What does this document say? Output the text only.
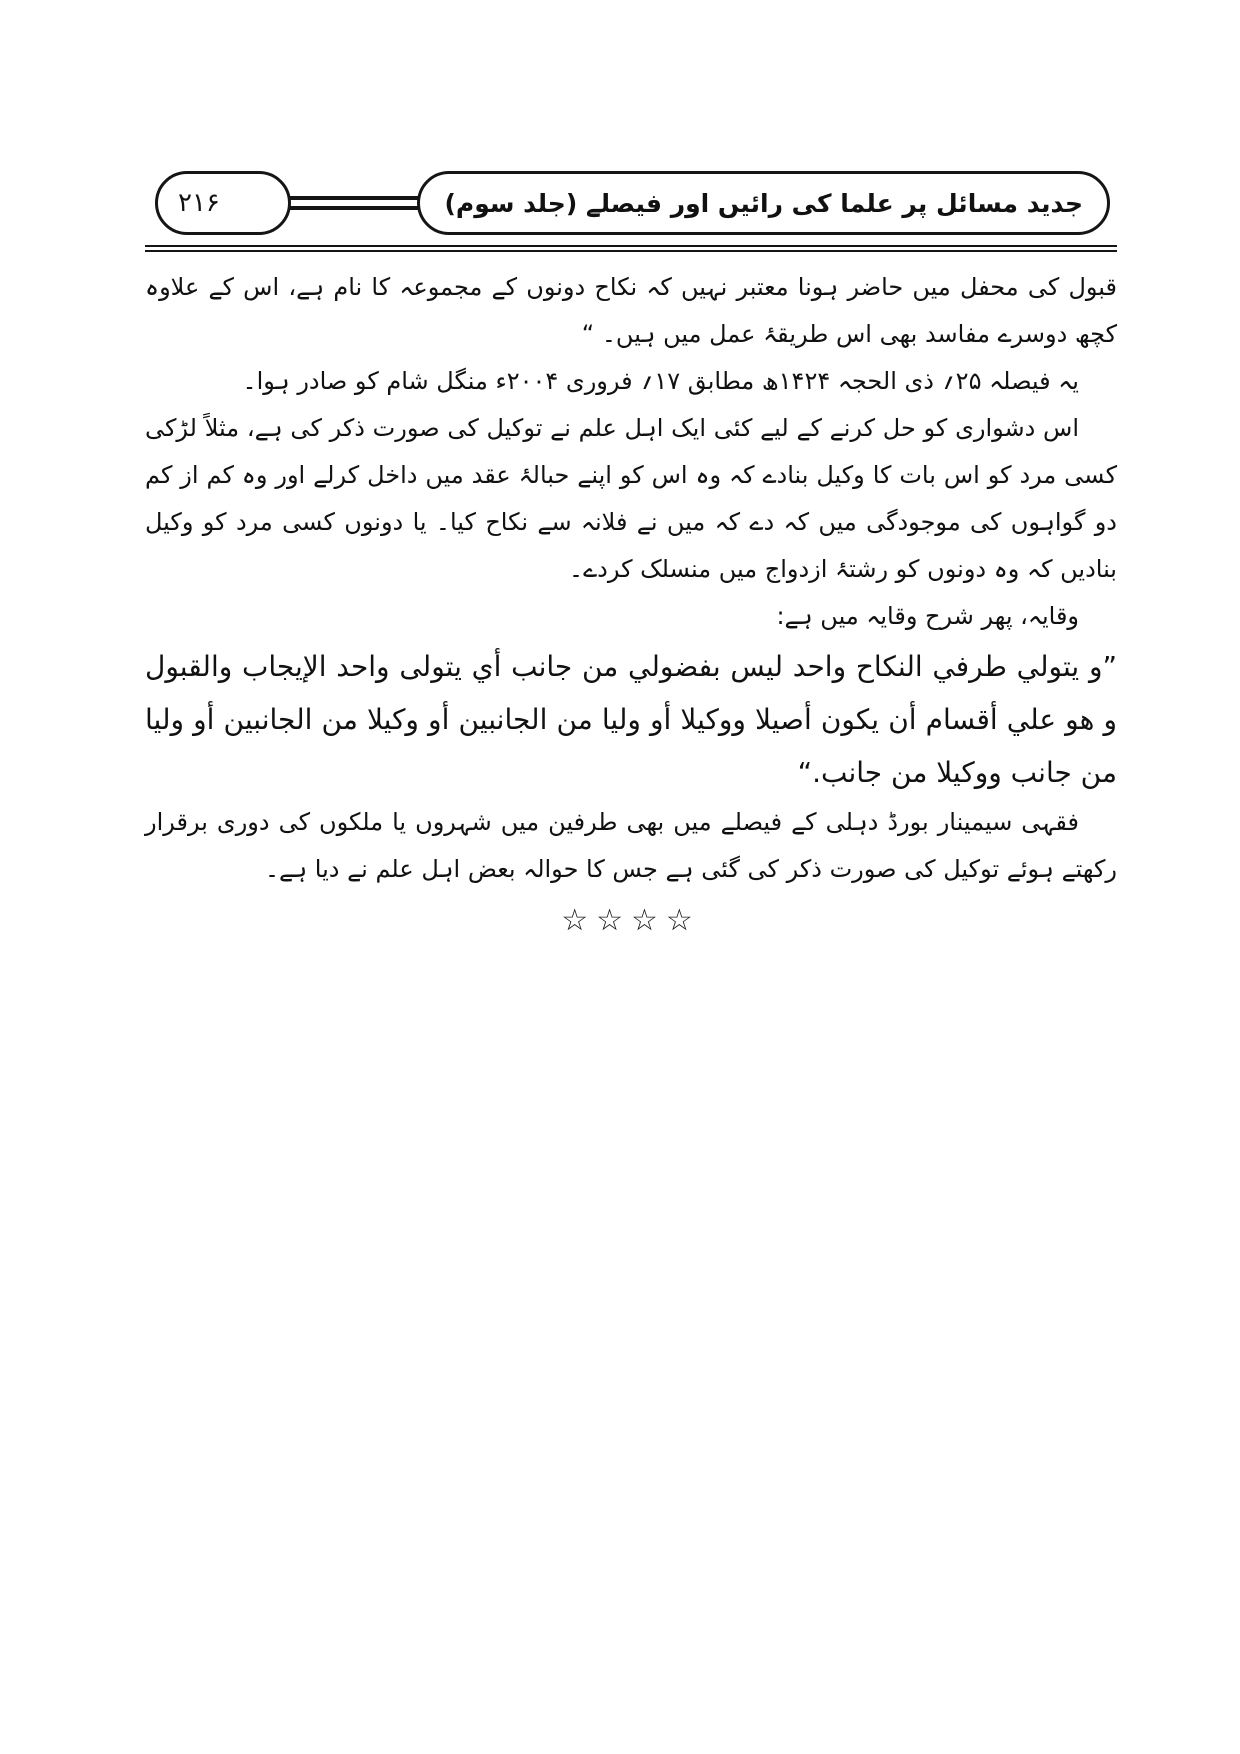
۲۱۶	جدید مسائل پر علما کی رائیں اور فیصلے (جلد سوم)

قبول کی محفل میں حاضر ہونا معتبر نہیں کہ نکاح دونوں کے مجموعہ کا نام ہے، اس کے علاوہ کچھ دوسرے مفاسد بھی اس طریقۂ عمل میں ہیں۔ “

یہ فیصلہ ۲۵؍ ذی الحجہ ۱۴۲۴ھ مطابق ۱۷؍ فروری ۲۰۰۴ء منگل شام کو صادر ہوا۔

اس دشواری کو حل کرنے کے لیے کئی ایک اہل علم نے توکیل کی صورت ذکر کی ہے، مثلاً لڑکی کسی مرد کو اس بات کا وکیل بنادے کہ وہ اس کو اپنے حبالۂ عقد میں داخل کرلے اور وہ کم از کم دو گواہوں کی موجودگی میں کہ دے کہ میں نے فلانہ سے نکاح کیا۔ یا دونوں کسی مرد کو وکیل بنادیں کہ وہ دونوں کو رشتۂ ازدواج میں منسلک کردے۔

وقایہ، پھر شرح وقایہ میں ہے:

”و يتولي طرفي النكاح واحد ليس بفضولي من جانب أي يتولى واحد الإيجاب والقبول و هو علي أقسام أن يكون أصيلا ووكيلا أو وليا من الجانبين أو وكيلا من الجانبين أو وليا من جانب ووكيلا من جانب.“

فقہی سیمینار بورڈ دہلی کے فیصلے میں بھی طرفین میں شہروں یا ملکوں کی دوری برقرار رکھتے ہوئے توکیل کی صورت ذکر کی گئی ہے جس کا حوالہ بعض اہل علم نے دیا ہے۔

☆☆☆☆
